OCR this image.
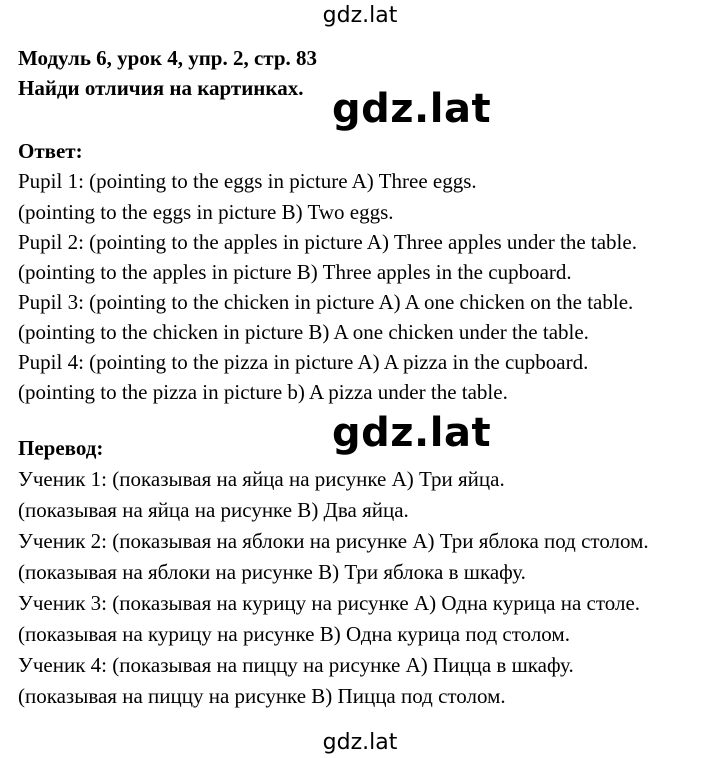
gdz.lat
Модуль 6, урок 4, упр. 2, стр. 83
Найди отличия на картинках. gdz.lat
Ответ:
Pupil 1: (pointing to the eggs in picture A) Three eggs.
(pointing to the eggs in picture B) Two eggs.
Pupil 2: (pointing to the apples in picture A) Three apples under the table.
(pointing to the apples in picture B) Three apples in the cupboard.
Pupil 3: (pointing to the chicken in picture A) A one chicken on the table.
(pointing to the chicken in picture B) A one chicken under the table.
Pupil 4: (pointing to the pizza in picture A) A pizza in the cupboard.
(pointing to the pizza in picture b) A pizza under the table.
gdz.lat
Перевод:
Ученик 1: (показывая на яйца на рисунке А) Три яйца.
(показывая на яйца на рисунке В) Два яйца.
Ученик 2: (показывая на яблоки на рисунке А) Три яблока под столом.
(показывая на яблоки на рисунке В) Три яблока в шкафу.
Ученик 3: (показывая на курицу на рисунке А) Одна курица на столе.
(показывая на курицу на рисунке В) Одна курица под столом.
Ученик 4: (показывая на пиццу на рисунке А) Пицца в шкафу.
(показывая на пиццу на рисунке В) Пицца под столом.
gdz.lat
